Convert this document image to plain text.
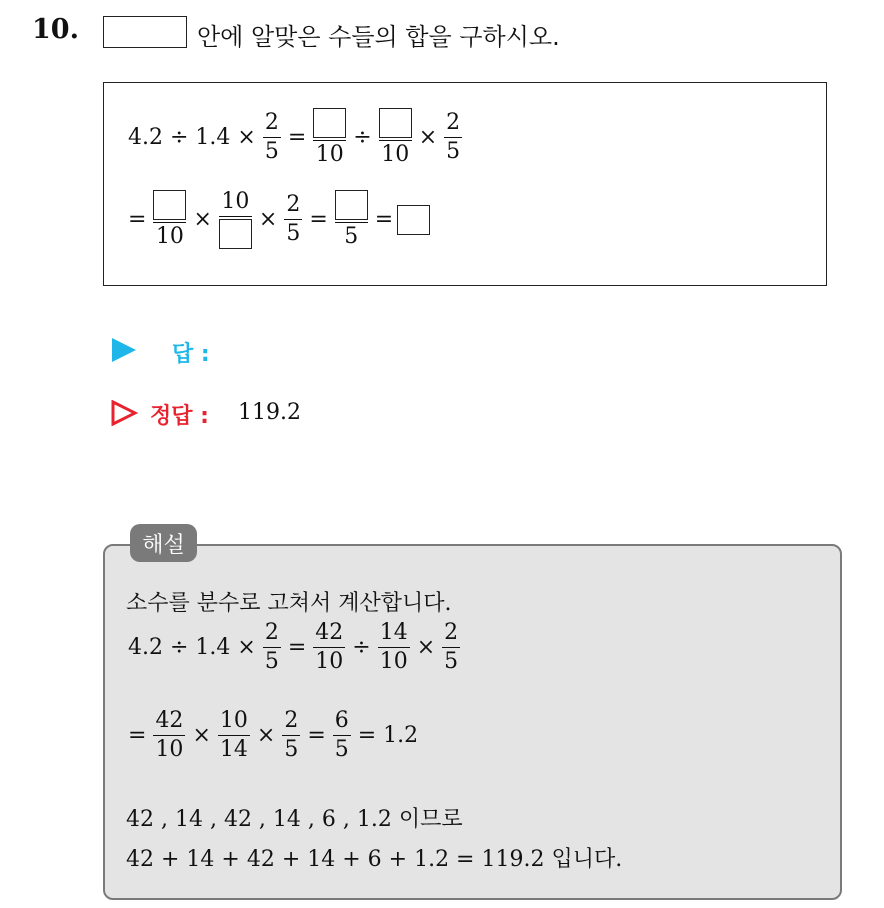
10.	안에 알맞은 수들의 합을 구하시오.
$4.2 \div 1.4 \times \frac{2}{5}$ =
10
÷
10
× $\frac{2}{5}$
=
10
×
10
× $\frac{2}{5}$ =
5
=
답 :
정답 : 119.2
해설
소수를 분수로 고쳐서 계산합니다.
$4.2 \div 1.4 \times \frac{2}{5} = \frac{42}{10} \div \frac{14}{10} \times \frac{2}{5}$
= $\frac{42}{10} \times \frac{10}{14} \times \frac{2}{5} = \frac{6}{5} = 1.2$
42 , 14 , 42 , 14 , 6 , 1.2 이므로
42 + 14 + 42 + 14 + 6 + 1.2 = 119.2 입니다.
